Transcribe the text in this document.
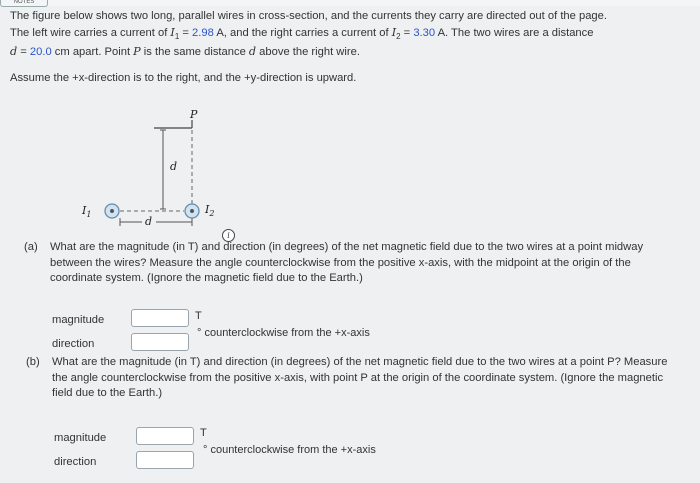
NOTES

The figure below shows two long, parallel wires in cross-section, and the currents they carry are directed out of the page.

The left wire carries a current of $I_1 = 2.98$ A, and the right carries a current of $I_2 = 3.30$ A. The two wires are a distance

d = 20.0 cm apart. Point P is the same distance d above the right wire.

Assume the +x-direction is to the right, and the +y-direction is upward.
P
d
d
$I_1$	$I_2$
i
(a) What are the magnitude (in T) and direction (in degrees) of the net magnetic field due to the two wires at a point midway between the wires? Measure the angle counterclockwise from the positive x-axis, with the midpoint at the origin of the coordinate system. (Ignore the magnetic field due to the Earth.)
magnitude	T
direction
° counterclockwise from the +x-axis
(b) What are the magnitude (in T) and direction (in degrees) of the net magnetic field due to the two wires at a point P? Measure the angle counterclockwise from the positive x-axis, with point P at the origin of the coordinate system. (Ignore the magnetic field due to the Earth.)
magnitude	T
direction
° counterclockwise from the +x-axis
